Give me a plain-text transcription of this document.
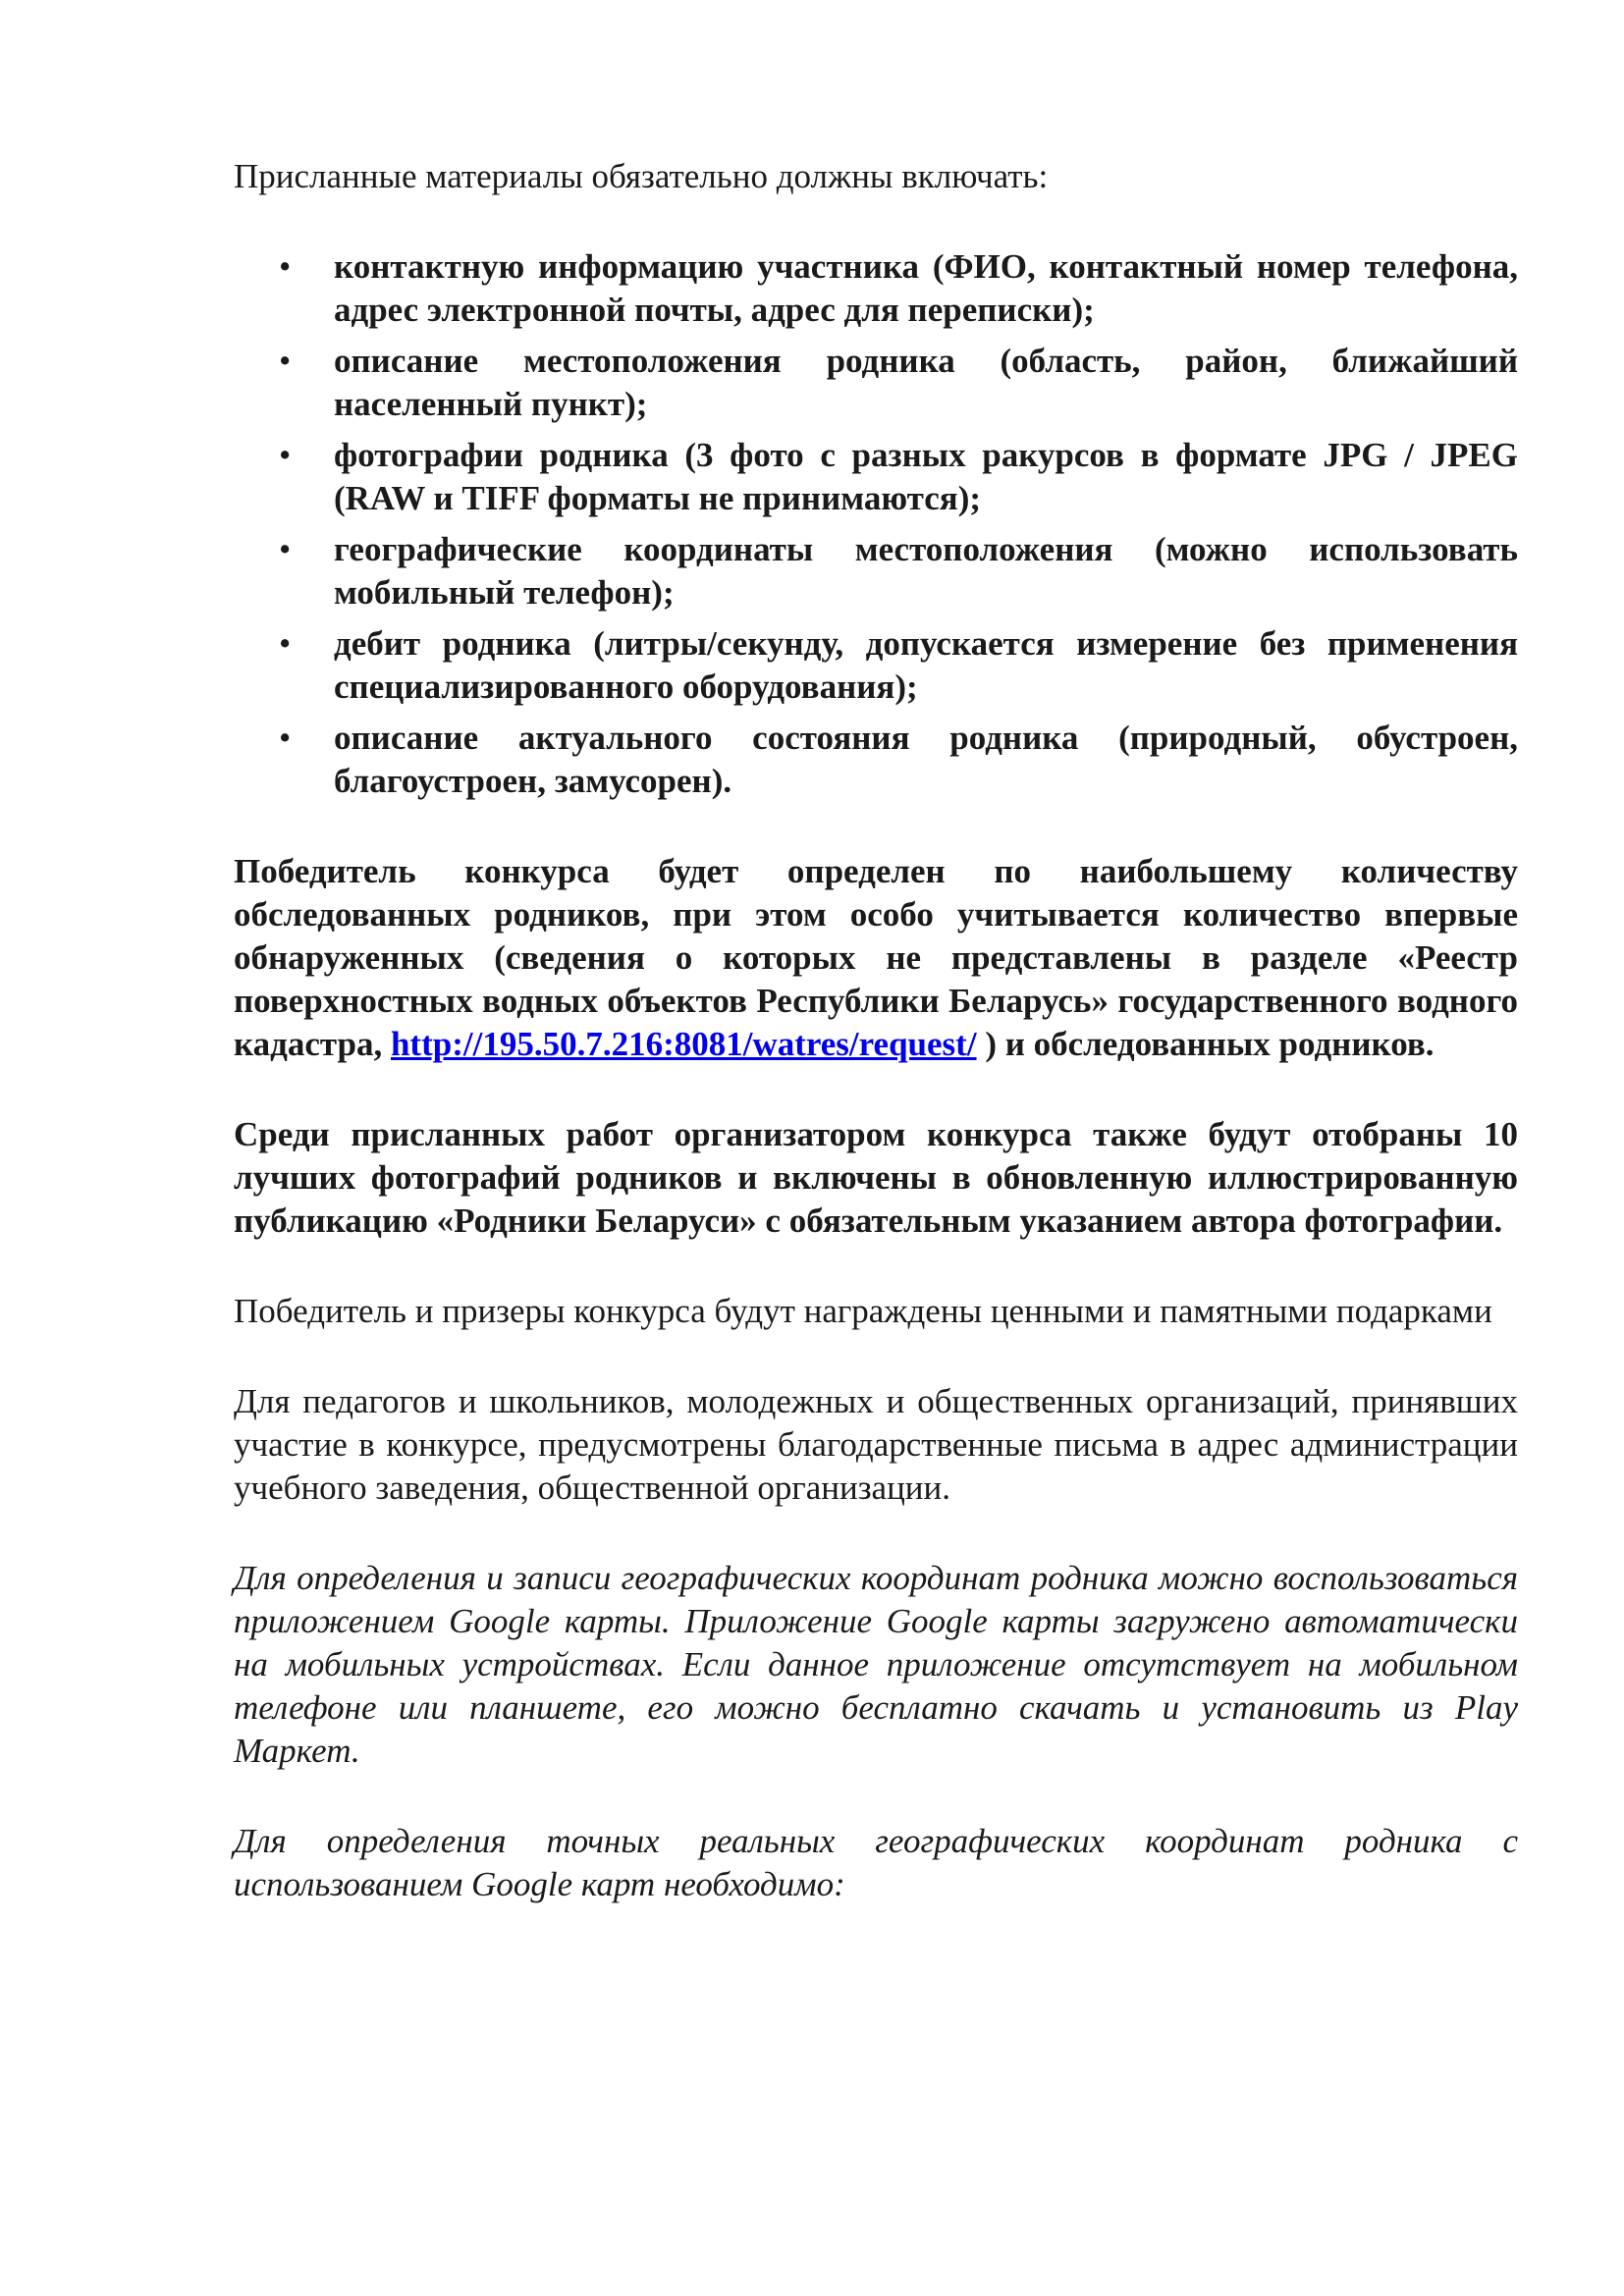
Присланные материалы обязательно должны включать:

• контактную информацию участника (ФИО, контактный номер телефона, адрес электронной почты, адрес для переписки);
• описание местоположения родника (область, район, ближайший населенный пункт);
• фотографии родника (3 фото с разных ракурсов в формате JPG / JPEG (RAW и TIFF форматы не принимаются);
• географические координаты местоположения (можно использовать мобильный телефон);
• дебит родника (литры/секунду, допускается измерение без применения специализированного оборудования);
• описание актуального состояния родника (природный, обустроен, благоустроен, замусорен).

Победитель конкурса будет определен по наибольшему количеству обследованных родников, при этом особо учитывается количество впервые обнаруженных (сведения о которых не представлены в разделе «Реестр поверхностных водных объектов Республики Беларусь» государственного водного кадастра, http://195.50.7.216:8081/watres/request/ ) и обследованных родников.

Среди присланных работ организатором конкурса также будут отобраны 10 лучших фотографий родников и включены в обновленную иллюстрированную публикацию «Родники Беларуси» с обязательным указанием автора фотографии.

Победитель и призеры конкурса будут награждены ценными и памятными подарками

Для педагогов и школьников, молодежных и общественных организаций, принявших участие в конкурсе, предусмотрены благодарственные письма в адрес администрации учебного заведения, общественной организации.

Для определения и записи географических координат родника можно воспользоваться приложением Google карты. Приложение Google карты загружено автоматически на мобильных устройствах. Если данное приложение отсутствует на мобильном телефоне или планшете, его можно бесплатно скачать и установить из Play Маркет.

Для определения точных реальных географических координат родника с использованием Google карт необходимо:
